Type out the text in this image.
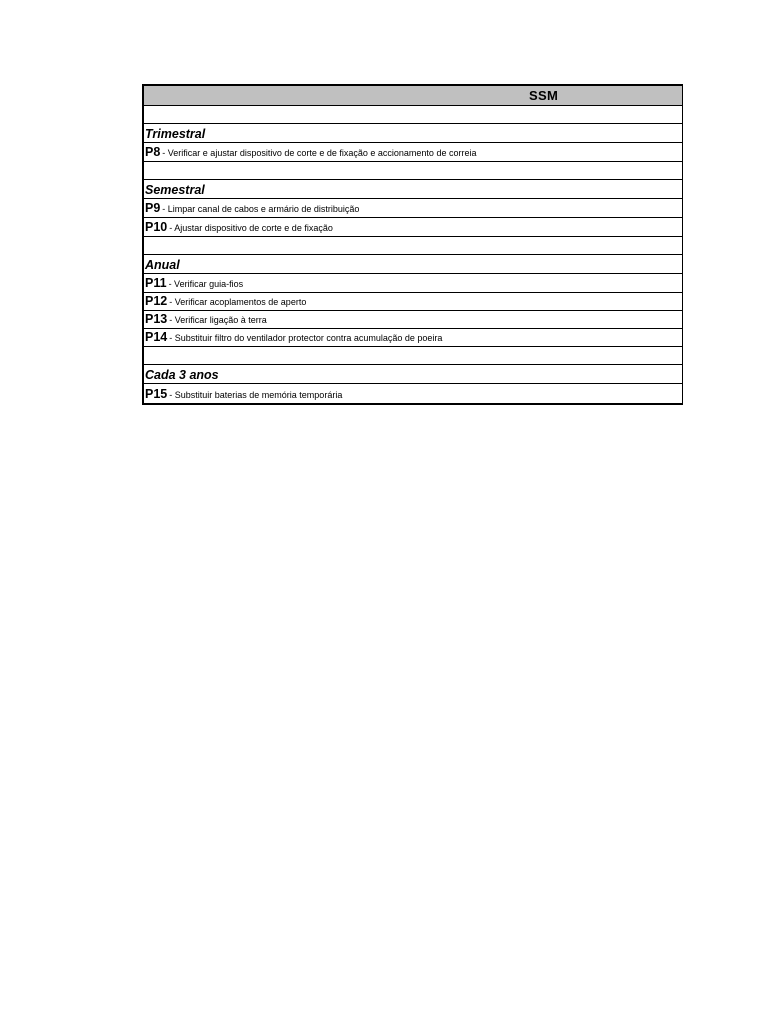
SSM
Trimestral
P8 - Verificar e ajustar dispositivo de corte e de fixação e accionamento de correia
Semestral
P9 - Limpar canal de cabos e armário de distribuição
P10 - Ajustar dispositivo de corte e de fixação
Anual
P11 - Verificar guia-fios
P12 - Verificar acoplamentos de aperto
P13 - Verificar ligação à terra
P14 - Substituir filtro do ventilador protector contra acumulação de poeira
Cada 3 anos
P15 - Substituir baterias de memória temporária
